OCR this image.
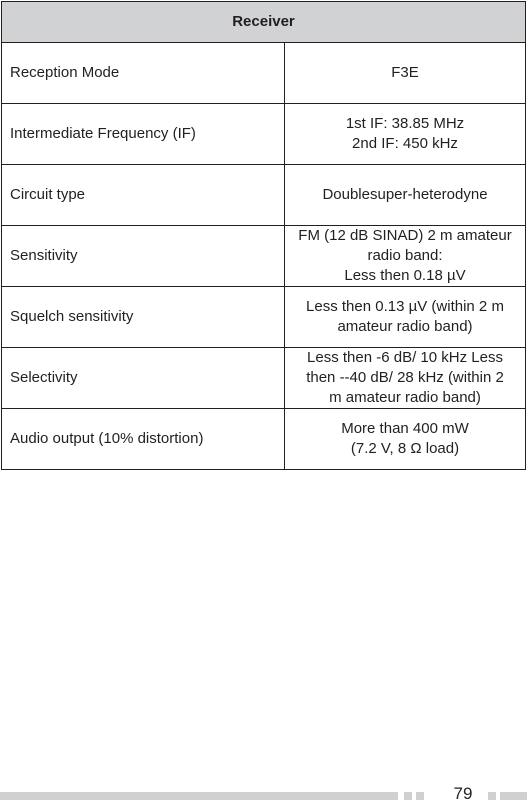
Receiver	
Reception Mode	F3E
Intermediate Frequency (IF)	1st IF: 38.85 MHz
2nd IF: 450 kHz
Circuit type	Doublesuper-heterodyne
Sensitivity	FM (12 dB SINAD) 2 m amateur
radio band:
Less then 0.18 µV
Squelch sensitivity	Less then 0.13 µV (within 2 m
amateur radio band)
Selectivity	Less then -6 dB/ 10 kHz Less
then --40 dB/ 28 kHz (within 2
m amateur radio band)
Audio output (10% distortion)	More than 400 mW
(7.2 V, 8 Ω load)
79
